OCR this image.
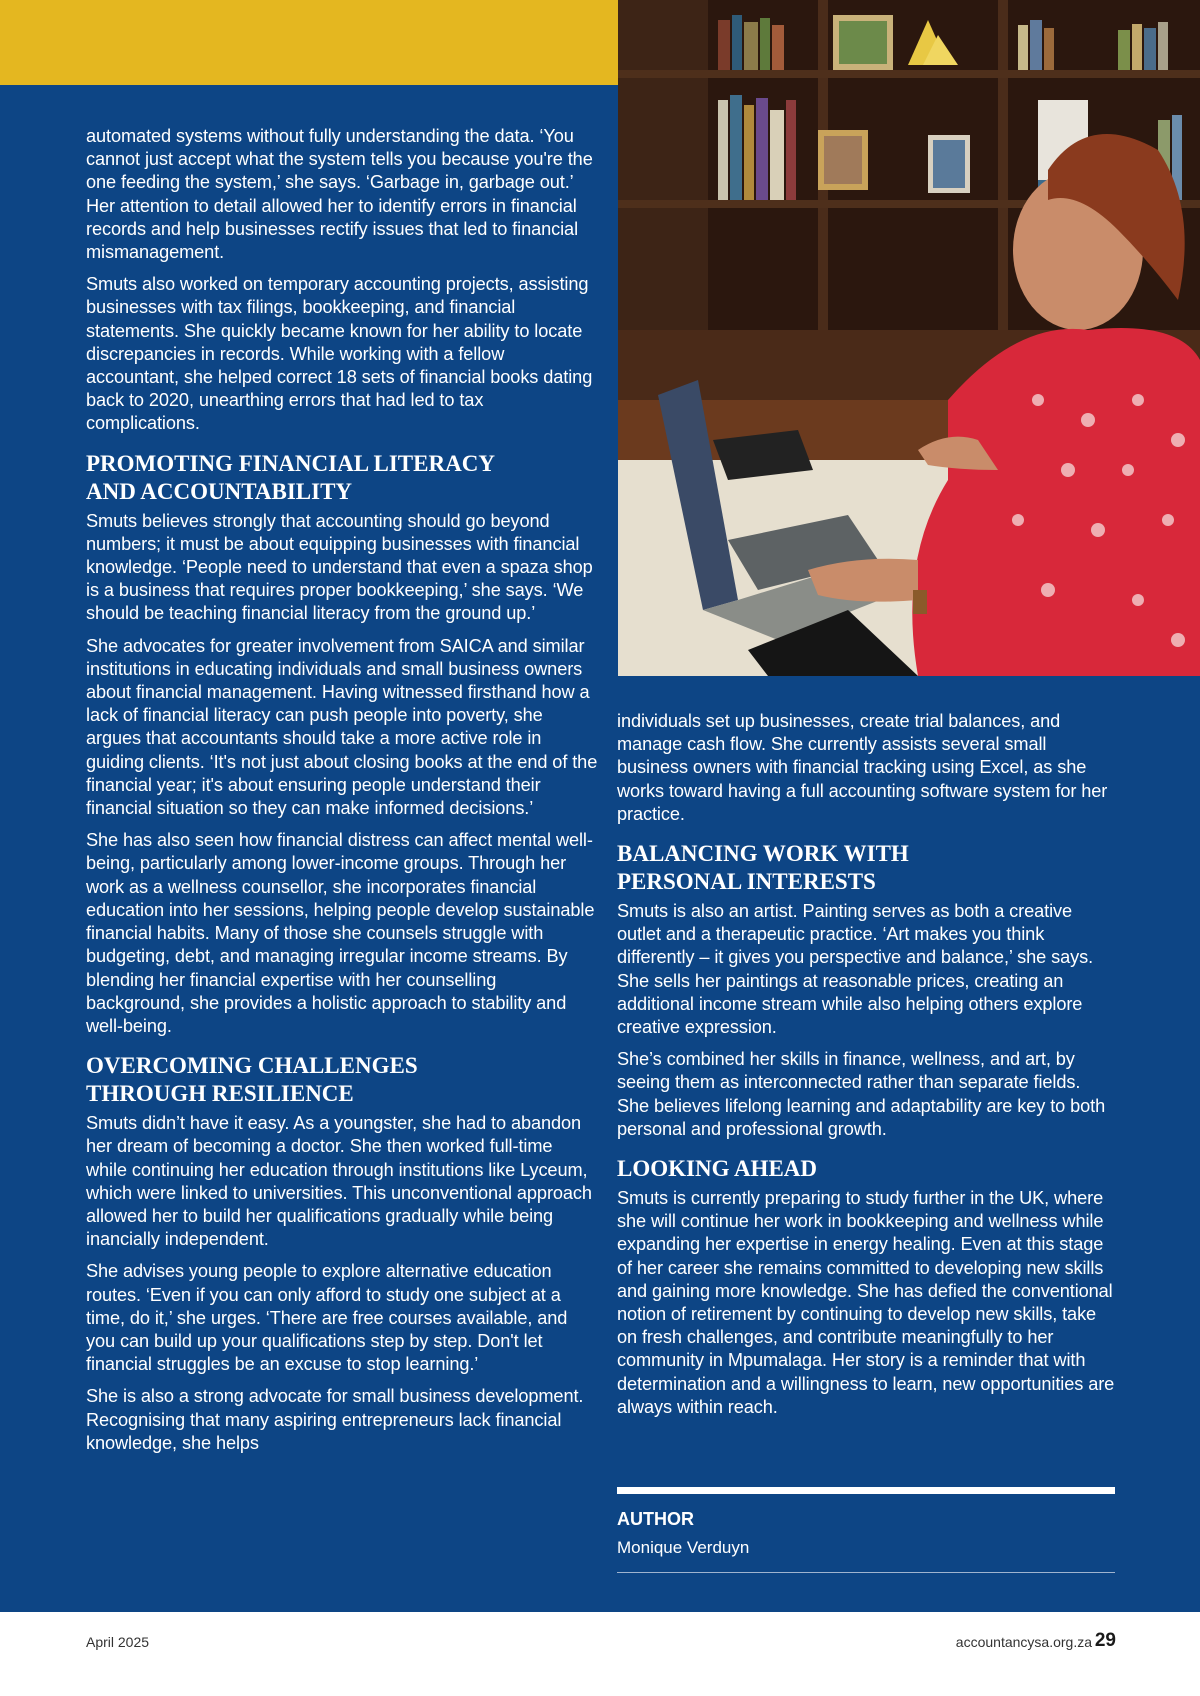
automated systems without fully understanding the data. ‘You cannot just accept what the system tells you because you're the one feeding the system,’ she says. ‘Garbage in, garbage out.’ Her attention to detail allowed her to identify errors in financial records and help businesses rectify issues that led to financial mismanagement.

Smuts also worked on temporary accounting projects, assisting businesses with tax filings, bookkeeping, and financial statements. She quickly became known for her ability to locate discrepancies in records. While working with a fellow accountant, she helped correct 18 sets of financial books dating back to 2020, unearthing errors that had led to tax complications.

PROMOTING FINANCIAL LITERACY
AND ACCOUNTABILITY

Smuts believes strongly that accounting should go beyond numbers; it must be about equipping businesses with financial knowledge. ‘People need to understand that even a spaza shop is a business that requires proper bookkeeping,’ she says. ‘We should be teaching financial literacy from the ground up.’

She advocates for greater involvement from SAICA and similar institutions in educating individuals and small business owners about financial management. Having witnessed firsthand how a lack of financial literacy can push people into poverty, she argues that accountants should take a more active role in guiding clients. ‘It's not just about closing books at the end of the financial year; it's about ensuring people understand their financial situation so they can make informed decisions.’

She has also seen how financial distress can affect mental well-being, particularly among lower-income groups. Through her work as a wellness counsellor, she incorporates financial education into her sessions, helping people develop sustainable financial habits. Many of those she counsels struggle with budgeting, debt, and managing irregular income streams. By blending her financial expertise with her counselling background, she provides a holistic approach to stability and well-being.

OVERCOMING CHALLENGES
THROUGH RESILIENCE

Smuts didn’t have it easy. As a youngster, she had to abandon her dream of becoming a doctor. She then worked full-time while continuing her education through institutions like Lyceum, which were linked to universities. This unconventional approach allowed her to build her qualifications gradually while being inancially independent.

She advises young people to explore alternative education routes. ‘Even if you can only afford to study one subject at a time, do it,’ she urges. ‘There are free courses available, and you can build up your qualifications step by step. Don't let financial struggles be an excuse to stop learning.’

She is also a strong advocate for small business development. Recognising that many aspiring entrepreneurs lack financial knowledge, she helps

individuals set up businesses, create trial balances, and manage cash flow. She currently assists several small business owners with financial tracking using Excel, as she works toward having a full accounting software system for her practice.

BALANCING WORK WITH
PERSONAL INTERESTS

Smuts is also an artist. Painting serves as both a creative outlet and a therapeutic practice. ‘Art makes you think differently – it gives you perspective and balance,’ she says. She sells her paintings at reasonable prices, creating an additional income stream while also helping others explore creative expression.

She’s combined her skills in finance, wellness, and art, by seeing them as interconnected rather than separate fields. She believes lifelong learning and adaptability are key to both personal and professional growth.

LOOKING AHEAD

Smuts is currently preparing to study further in the UK, where she will continue her work in bookkeeping and wellness while expanding her expertise in energy healing. Even at this stage of her career she remains committed to developing new skills and gaining more knowledge. She has defied the conventional notion of retirement by continuing to develop new skills, take on fresh challenges, and contribute meaningfully to her community in Mpumalaga. Her story is a reminder that with determination and a willingness to learn, new opportunities are always within reach.

AUTHOR
Monique Verduyn
April 2025	accountancysa.org.za 29
